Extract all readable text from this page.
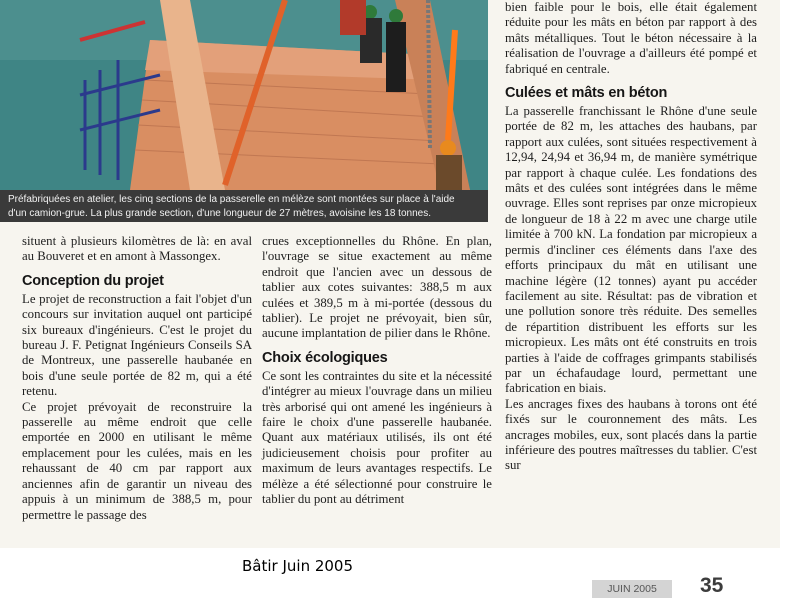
Préfabriquées en atelier, les cinq sections de la passerelle en mélèze sont montées sur place à l'aide

d'un camion-grue. La plus grande section, d'une longueur de 27 mètres, avoisine les 18 tonnes.

situent à plusieurs kilomètres de là: en aval au Bouveret et en amont à Massongex.

Conception du projet

Le projet de reconstruction a fait l'objet d'un concours sur invitation auquel ont participé six bureaux d'ingénieurs. C'est le projet du bureau J. F. Petignat Ingénieurs Conseils SA de Montreux, une passerelle haubanée en bois d'une seule portée de 82 m, qui a été retenu.

Ce projet prévoyait de reconstruire la passerelle au même endroit que celle emportée en 2000 en utilisant le même emplacement pour les culées, mais en les rehaussant de 40 cm par rapport aux anciennes afin de garantir un niveau des appuis à un minimum de 388,5 m, pour permettre le passage des

crues exceptionnelles du Rhône. En plan, l'ouvrage se situe exactement au même endroit que l'ancien avec un dessous de tablier aux cotes suivantes: 388,5 m aux culées et 389,5 m à mi-portée (dessous du tablier). Le projet ne prévoyait, bien sûr, aucune implantation de pilier dans le Rhône.

Choix écologiques

Ce sont les contraintes du site et la nécessité d'intégrer au mieux l'ouvrage dans un milieu très arborisé qui ont amené les ingénieurs à faire le choix d'une passerelle haubanée. Quant aux matériaux utilisés, ils ont été judicieusement choisis pour profiter au maximum de leurs avantages respectifs. Le mélèze a été sélectionné pour construire le tablier du pont au détriment

bien faible pour le bois, elle était également réduite pour les mâts en béton par rapport à des mâts métalliques. Tout le béton nécessaire à la réalisation de l'ouvrage a d'ailleurs été pompé et fabriqué en centrale.

Culées et mâts en béton

La passerelle franchissant le Rhône d'une seule portée de 82 m, les attaches des haubans, par rapport aux culées, sont situées respectivement à 12,94, 24,94 et 36,94 m, de manière symétrique par rapport à chaque culée. Les fondations des mâts et des culées sont intégrées dans le même ouvrage. Elles sont reprises par onze micropieux de longueur de 18 à 22 m avec une charge utile limitée à 700 kN. La fondation par micropieux a permis d'incliner ces éléments dans l'axe des efforts principaux du mât en utilisant une machine légère (12 tonnes) ayant pu accéder facilement au site. Résultat: pas de vibration et une pollution sonore très réduite. Des semelles de répartition distribuent les efforts sur les micropieux. Les mâts ont été construits en trois parties à l'aide de coffrages grimpants stabilisés par un échafaudage lourd, permettant une fabrication en biais.

Les ancrages fixes des haubans à torons ont été fixés sur le couronnement des mâts. Les ancrages mobiles, eux, sont placés dans la partie inférieure des poutres maîtresses du tablier. C'est sur

Bâtir Juin 2005
JUIN 2005	35
